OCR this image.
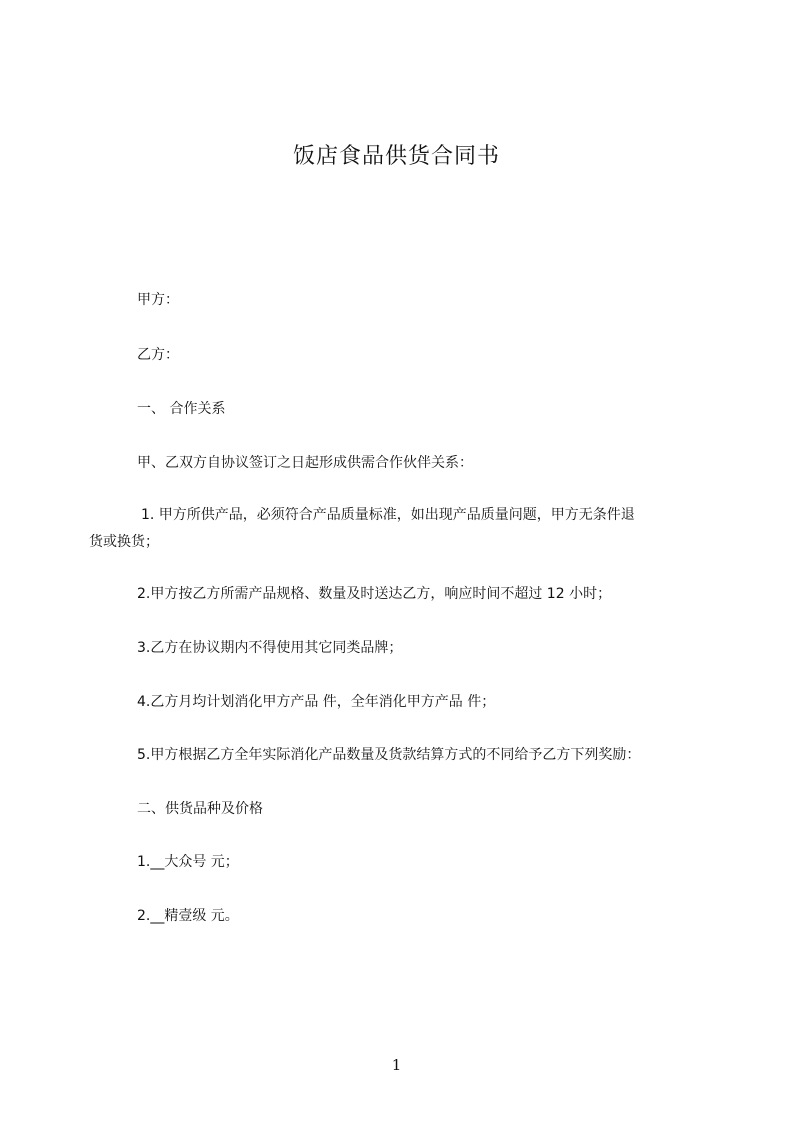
饭店食品供货合同书
甲方：
乙方：
一、 合作关系
甲、乙双方自协议签订之日起形成供需合作伙伴关系：
1. 甲方所供产品，必须符合产品质量标准，如出现产品质量问题，甲方无条件退
货或换货；
2.甲方按乙方所需产品规格、数量及时送达乙方，响应时间不超过 12 小时；
3.乙方在协议期内不得使用其它同类品牌；
4.乙方月均计划消化甲方产品 件，全年消化甲方产品 件；
5.甲方根据乙方全年实际消化产品数量及货款结算方式的不同给予乙方下列奖励：
二、供货品种及价格
1.__大众号 元；
2.__精壹级 元。
1
